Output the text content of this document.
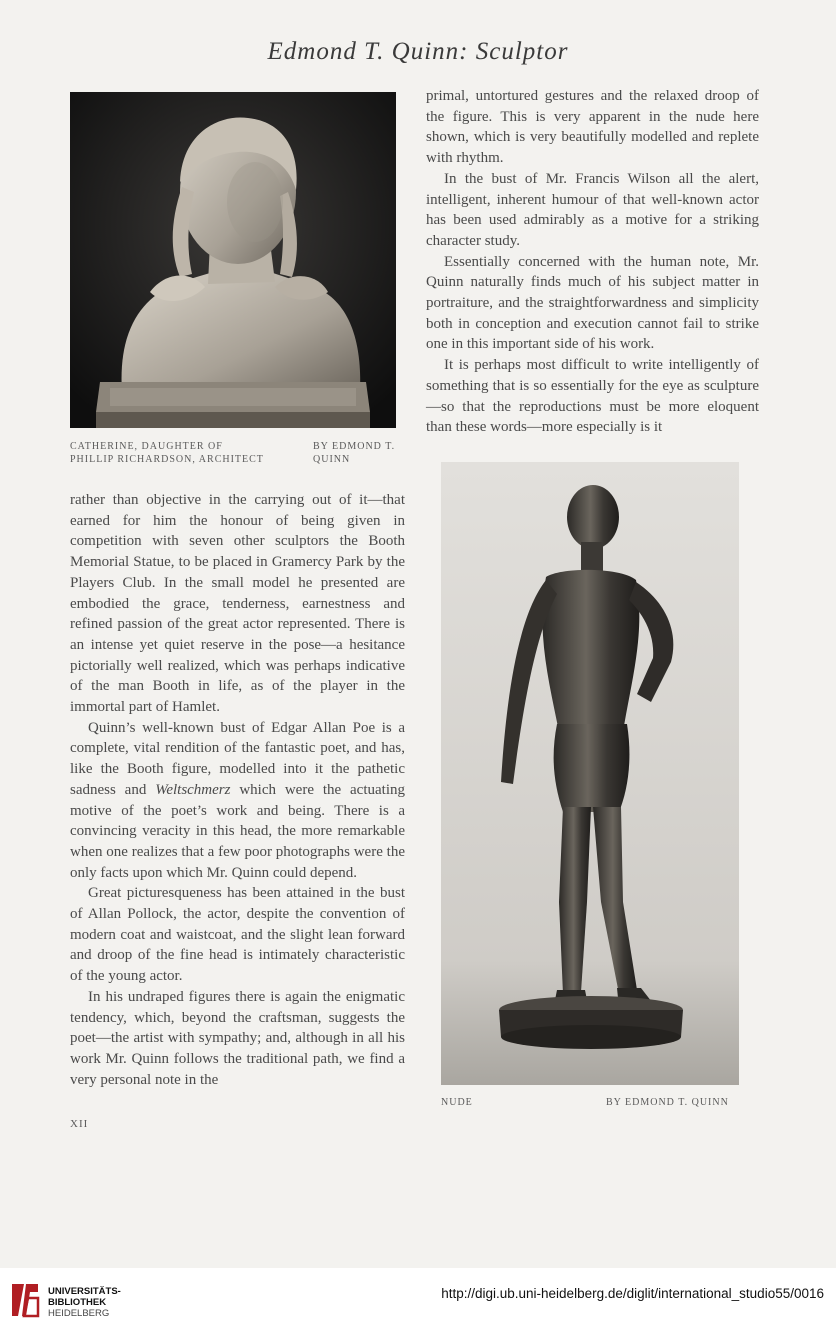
Edmond T. Quinn: Sculptor
CATHERINE, DAUGHTER OF
PHILLIP RICHARDSON, ARCHITECT
BY EDMOND T.
QUINN

primal, untortured gestures and the relaxed droop of the figure. This is very apparent in the nude here shown, which is very beautifully modelled and replete with rhythm.

In the bust of Mr. Francis Wilson all the alert, intelligent, inherent humour of that well-known actor has been used admirably as a motive for a striking character study.

Essentially concerned with the human note, Mr. Quinn naturally finds much of his subject matter in portraiture, and the straightforwardness and simplicity both in conception and execution cannot fail to strike one in this important side of his work.

It is perhaps most difficult to write intelligently of something that is so essentially for the eye as sculpture—so that the reproductions must be more eloquent than these words—more especially is it

NUDE	BY EDMOND T. QUINN

rather than objective in the carrying out of it—that earned for him the honour of being given in competition with seven other sculptors the Booth Memorial Statue, to be placed in Gramercy Park by the Players Club. In the small model he presented are embodied the grace, tenderness, earnestness and refined passion of the great actor represented. There is an intense yet quiet reserve in the pose—a hesitance pictorially well realized, which was perhaps indicative of the man Booth in life, as of the player in the immortal part of Hamlet.

Quinn’s well-known bust of Edgar Allan Poe is a complete, vital rendition of the fantastic poet, and has, like the Booth figure, modelled into it the pathetic sadness and Weltschmerz which were the actuating motive of the poet’s work and being. There is a convincing veracity in this head, the more remarkable when one realizes that a few poor photographs were the only facts upon which Mr. Quinn could depend.

Great picturesqueness has been attained in the bust of Allan Pollock, the actor, despite the convention of modern coat and waistcoat, and the slight lean forward and droop of the fine head is intimately characteristic of the young actor.

In his undraped figures there is again the enigmatic tendency, which, beyond the craftsman, suggests the poet—the artist with sympathy; and, although in all his work Mr. Quinn follows the traditional path, we find a very personal note in the

XII
UNIVERSITÄTS-
BIBLIOTHEK
HEIDELBERG
http://digi.ub.uni-heidelberg.de/diglit/international_studio55/0016
